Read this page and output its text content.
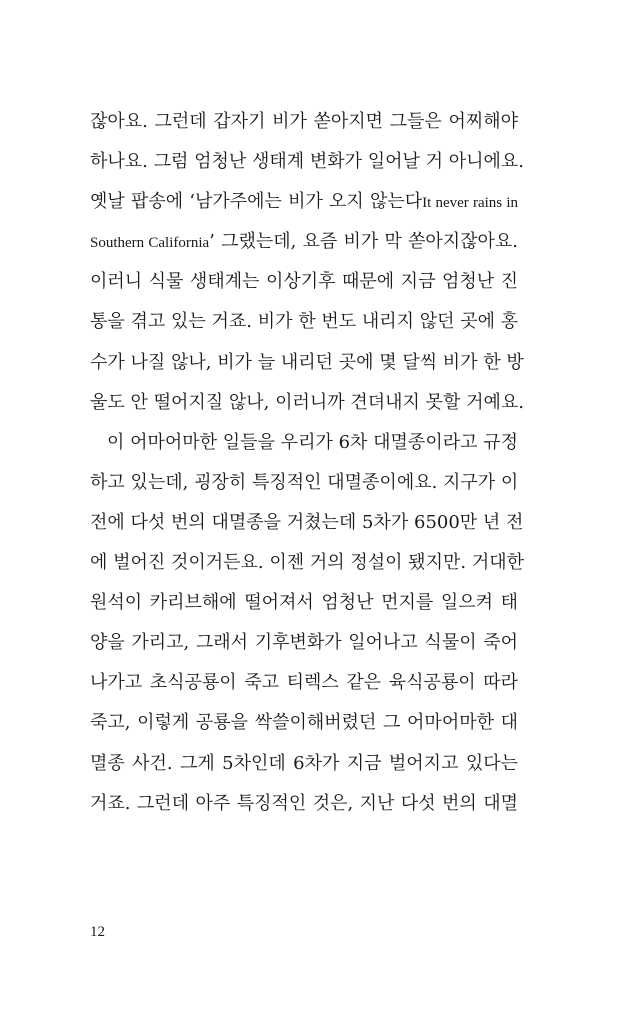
잖아요. 그런데 갑자기 비가 쏟아지면 그들은 어찌해야
하나요. 그럼 엄청난 생태계 변화가 일어날 거 아니에요.
옛날 팝송에 ‘남가주에는 비가 오지 않는다It never rains in
Southern California’ 그랬는데, 요즘 비가 막 쏟아지잖아요.
이러니 식물 생태계는 이상기후 때문에 지금 엄청난 진
통을 겪고 있는 거죠. 비가 한 번도 내리지 않던 곳에 홍
수가 나질 않나, 비가 늘 내리던 곳에 몇 달씩 비가 한 방
울도 안 떨어지질 않나, 이러니까 견뎌내지 못할 거예요.
이 어마어마한 일들을 우리가 6차 대멸종이라고 규정
하고 있는데, 굉장히 특징적인 대멸종이에요. 지구가 이
전에 다섯 번의 대멸종을 거쳤는데 5차가 6500만 년 전
에 벌어진 것이거든요. 이젠 거의 정설이 됐지만. 거대한
원석이 카리브해에 떨어져서 엄청난 먼지를 일으켜 태
양을 가리고, 그래서 기후변화가 일어나고 식물이 죽어
나가고 초식공룡이 죽고 티렉스 같은 육식공룡이 따라
죽고, 이렇게 공룡을 싹쓸이해버렸던 그 어마어마한 대
멸종 사건. 그게 5차인데 6차가 지금 벌어지고 있다는
거죠. 그런데 아주 특징적인 것은, 지난 다섯 번의 대멸
12
